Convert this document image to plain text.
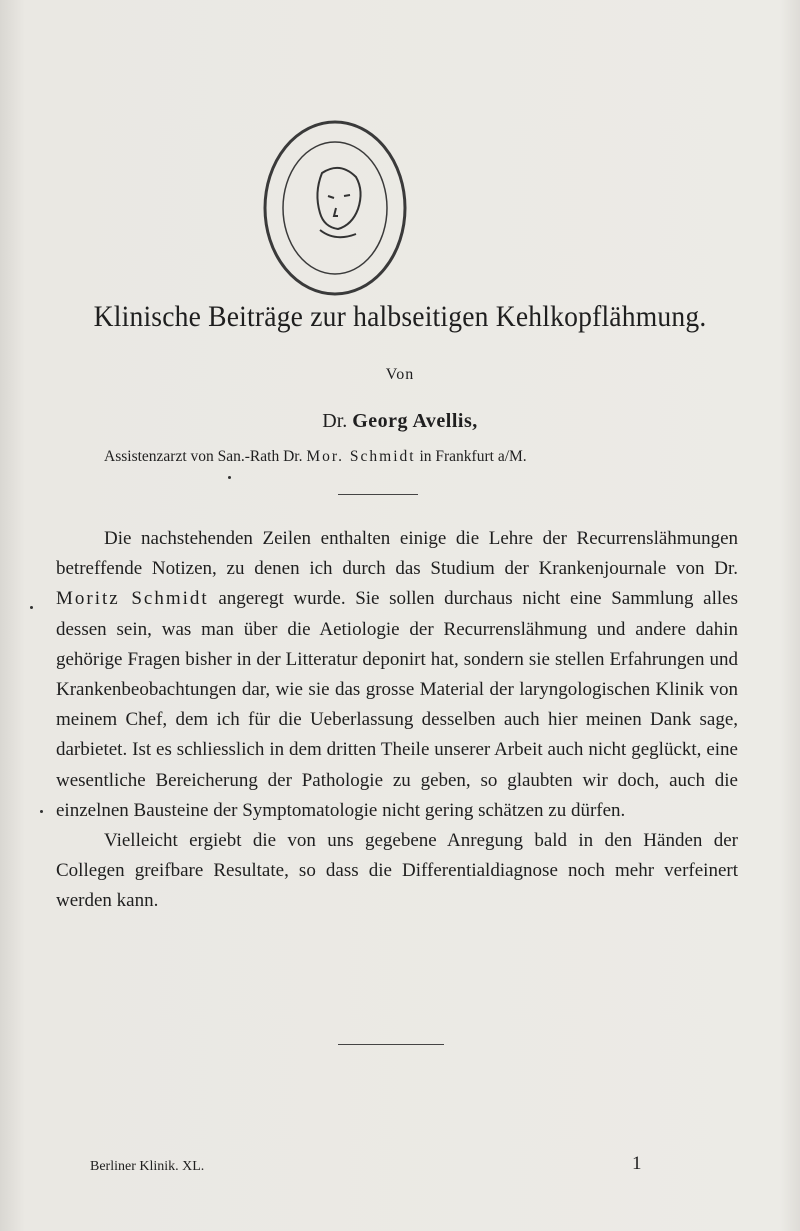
Klinische Beiträge zur halbseitigen Kehlkopflähmung.
Von
Dr. Georg Avellis,
Assistenzarzt von San.-Rath Dr. Mor. Schmidt in Frankfurt a/M.

Die nachstehenden Zeilen enthalten einige die Lehre der Recurrenslähmungen betreffende Notizen, zu denen ich durch das Studium der Krankenjournale von Dr. Moritz Schmidt angeregt wurde. Sie sollen durchaus nicht eine Sammlung alles dessen sein, was man über die Aetiologie der Recurrenslähmung und andere dahin gehörige Fragen bisher in der Litteratur deponirt hat, sondern sie stellen Erfahrungen und Krankenbeobachtungen dar, wie sie das grosse Material der laryngologischen Klinik von meinem Chef, dem ich für die Ueberlassung desselben auch hier meinen Dank sage, darbietet. Ist es schliesslich in dem dritten Theile unserer Arbeit auch nicht geglückt, eine wesentliche Bereicherung der Pathologie zu geben, so glaubten wir doch, auch die einzelnen Bausteine der Symptomatologie nicht gering schätzen zu dürfen.

Vielleicht ergiebt die von uns gegebene Anregung bald in den Händen der Collegen greifbare Resultate, so dass die Differentialdiagnose noch mehr verfeinert werden kann.

Berliner Klinik. XL.	1
